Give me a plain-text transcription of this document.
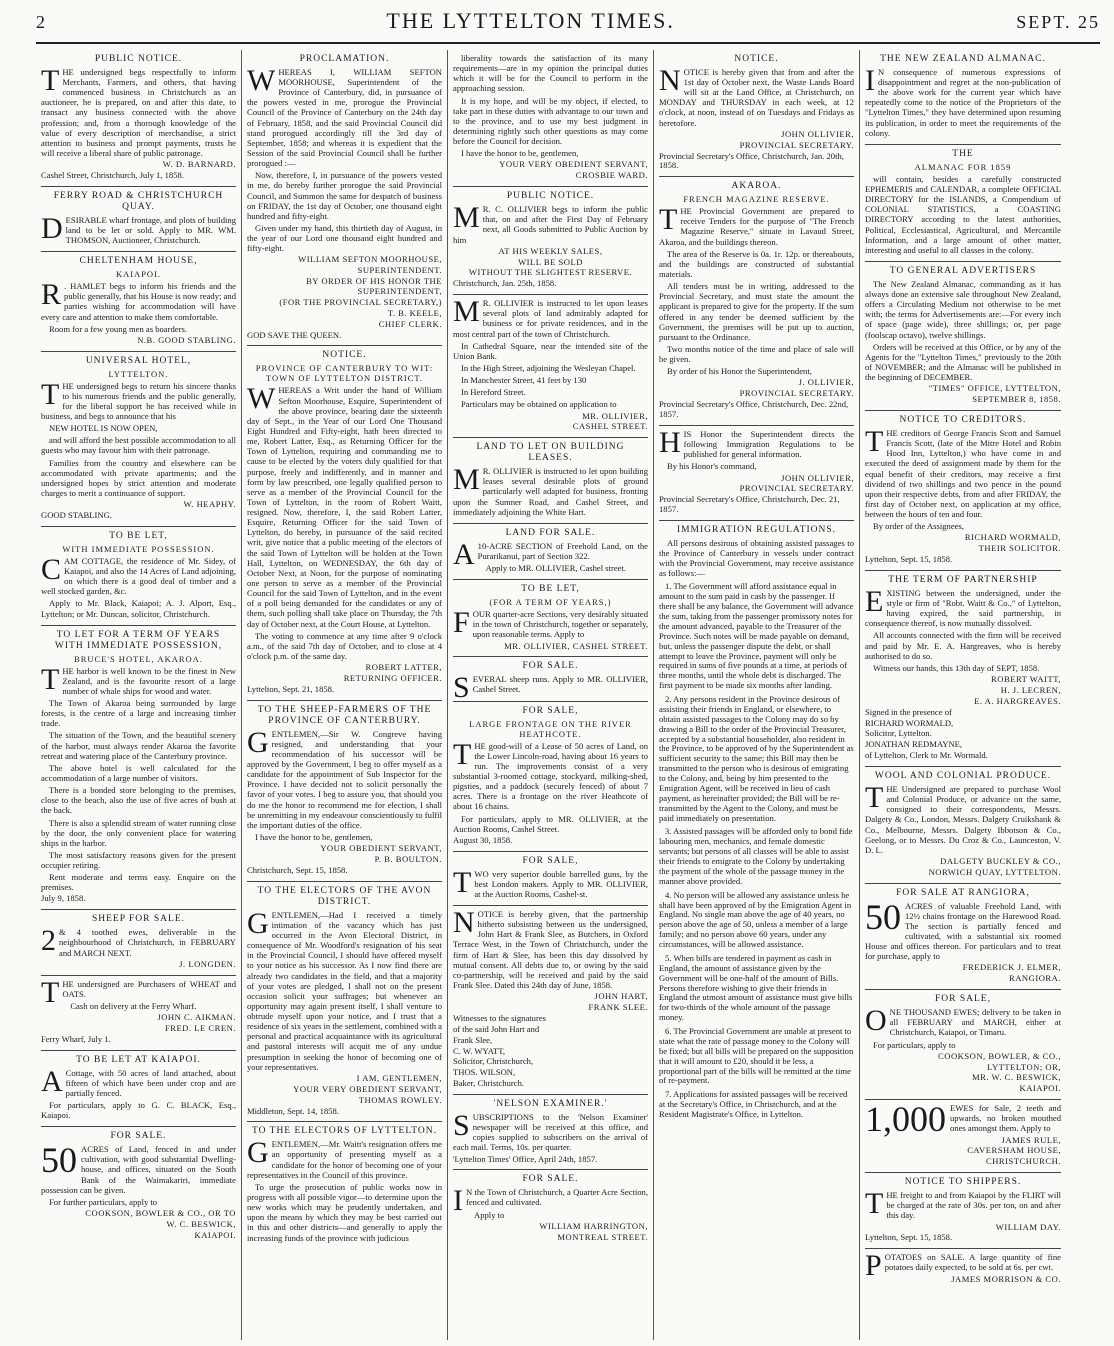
2	THE LYTTELTON TIMES.	SEPT. 25
PUBLIC NOTICE.

THE undersigned begs respectfully to inform Merchants, Farmers, and others, that having commenced business in Christchurch as an auctioneer, he is prepared, on and after this date, to transact any business connected with the above profession; and, from a thorough knowledge of the value of every description of merchandise, a strict attention to business and prompt payments, trusts he will receive a liberal share of public patronage.

W. D. BARNARD.
Cashel Street, Christchurch, July 1, 1858.
FERRY ROAD & CHRISTCHURCH QUAY.

DESIRABLE wharf frontage, and plots of building land to be let or sold. Apply to MR. WM. THOMSON, Auctioneer, Christchurch.

CHELTENHAM HOUSE,
KAIAPOI.

R . HAMLET begs to inform his friends and the public generally, that his House is now ready; and parties wishing for accommodation will have every care and attention to make them comfortable.

Room for a few young men as boarders.

N.B. GOOD STABLING.
UNIVERSAL HOTEL,
LYTTELTON.

THE undersigned begs to return his sincere thanks to his numerous friends and the public generally, for the liberal support he has received while in business, and begs to announce that his

NEW HOTEL IS NOW OPEN,

and will afford the best possible accommodation to all guests who may favour him with their patronage.

Families from the country and elsewhere can be accommodated with private apartments; and the undersigned hopes by strict attention and moderate charges to merit a continuance of support.

W. HEAPHY.
GOOD STABLING.
TO BE LET,
WITH IMMEDIATE POSSESSION.

CAM COTTAGE, the residence of Mr. Sidey, of Kaiapoi, and also the 14 Acres of Land adjoining, on which there is a good deal of timber and a well stocked garden, &c.

Apply to Mr. Black, Kaiapoi; A. J. Alport, Esq., Lyttelton; or Mr. Duncan, solicitor, Christchurch.

TO LET FOR A TERM OF YEARS WITH IMMEDIATE POSSESSION,
BRUCE'S HOTEL, AKAROA.

THE harbor is well known to be the finest in New Zealand, and is the favourite resort of a large number of whale ships for wood and water.

The Town of Akaroa being surrounded by large forests, is the centre of a large and increasing timber trade.

The situation of the Town, and the beautiful scenery of the harbor, must always render Akaroa the favorite retreat and watering place of the Canterbury province.

The above hotel is well calculated for the accommodation of a large number of visitors.

There is a bonded store belonging to the premises, close to the beach, also the use of five acres of bush at the back.

There is also a splendid stream of water running close by the door, the only convenient place for watering ships in the harbor.

The most satisfactory reasons given for the present occupier retiring.

Rent moderate and terms easy. Enquire on the premises.

July 9, 1858.
SHEEP FOR SALE.

2 & 4 toothed ewes, deliverable in the neighbourhood of Christchurch, in FEBRUARY and MARCH NEXT.

J. LONGDEN.

THE undersigned are Purchasers of WHEAT and OATS.

Cash on delivery at the Ferry Wharf.

JOHN C. AIKMAN.
FRED. LE CREN.
Ferry Wharf, July 1.
TO BE LET AT KAIAPOI.

A Cottage, with 50 acres of land attached, about fifteen of which have been under crop and are partially fenced.

For particulars, apply to G. C. BLACK, Esq., Kaiapoi.

FOR SALE.

50 ACRES of Land, fenced in and under cultivation, with good substantial Dwelling-house, and offices, situated on the South Bank of the Waimakariri, immediate possession can be given.

For further particulars, apply to

COOKSON, BOWLER & CO., OR TO
W. C. BESWICK,
KAIAPOI.
PROCLAMATION.

WHEREAS I, WILLIAM SEFTON MOORHOUSE, Superintendent of the Province of Canterbury, did, in pursuance of the powers vested in me, prorogue the Provincial Council of the Province of Canterbury on the 24th day of February, 1858, and the said Provincial Council did stand prorogued accordingly till the 3rd day of September, 1858; and whereas it is expedient that the Session of the said Provincial Council shall be further prorogued :—

Now, therefore, I, in pursuance of the powers vested in me, do hereby further prorogue the said Provincial Council, and Summon the same for despatch of business on FRIDAY, the 1st day of October, one thousand eight hundred and fifty-eight.

Given under my hand, this thirtieth day of August, in the year of our Lord one thousand eight hundred and fifty-eight.

WILLIAM SEFTON MOORHOUSE,
SUPERINTENDENT.
BY ORDER OF HIS HONOR THE SUPERINTENDENT,
(FOR THE PROVINCIAL SECRETARY,)
T. B. KEELE,
CHIEF CLERK.
GOD SAVE THE QUEEN.
NOTICE.
PROVINCE OF CANTERBURY TO WIT: TOWN OF LYTTELTON DISTRICT.

WHEREAS a Writ under the hand of William Sefton Moorhouse, Esquire, Superintendent of the above province, bearing date the sixteenth day of Sept., in the Year of our Lord One Thousand Eight Hundred and Fifty-eight, hath been directed to me, Robert Latter, Esq., as Returning Officer for the Town of Lyttelton, requiring and commanding me to cause to be elected by the voters duly qualified for that purpose, freely and indifferently, and in manner and form by law prescribed, one legally qualified person to serve as a member of the Provincial Council for the Town of Lyttelton, in the room of Robert Waitt, resigned. Now, therefore, I, the said Robert Latter, Esquire, Returning Officer for the said Town of Lyttelton, do hereby, in pursuance of the said recited writ, give notice that a public meeting of the electors of the said Town of Lyttelton will be holden at the Town Hall, Lyttelton, on WEDNESDAY, the 6th day of October Next, at Noon, for the purpose of nominating one person to serve as a member of the Provincial Council for the said Town of Lyttelton, and in the event of a poll being demanded for the candidates or any of them, such polling shall take place on Thursday, the 7th day of October next, at the Court House, at Lyttelton.

The voting to commence at any time after 9 o'clock a.m., of the said 7th day of October, and to close at 4 o'clock p.m. of the same day.

ROBERT LATTER,
RETURNING OFFICER.
Lyttelton, Sept. 21, 1858.
TO THE SHEEP-FARMERS OF THE PROVINCE OF CANTERBURY.

GENTLEMEN,—Sir W. Congreve having resigned, and understanding that your recommendation of his successor will be approved by the Government, I beg to offer myself as a candidate for the appointment of Sub Inspector for the Province. I have decided not to solicit personally the favor of your votes. I beg to assure you, that should you do me the honor to recommend me for election, I shall be unremitting in my endeavour conscientiously to fulfil the important duties of the office.

I have the honor to be, gentlemen,

YOUR OBEDIENT SERVANT,
P. B. BOULTON.
Christchurch, Sept. 15, 1858.
TO THE ELECTORS OF THE AVON DISTRICT.

GENTLEMEN,—Had I received a timely intimation of the vacancy which has just occurred in the Avon Electoral District, in consequence of Mr. Woodford's resignation of his seat in the Provincial Council, I should have offered myself to your notice as his successor. As I now find there are already two candidates in the field, and that a majority of your votes are pledged, I shall not on the present occasion solicit your suffrages; but whenever an opportunity may again present itself, I shall venture to obtrude myself upon your notice, and I trust that a residence of six years in the settlement, combined with a personal and practical acquaintance with its agricultural and pastoral interests will acquit me of any undue presumption in seeking the honor of becoming one of your representatives.

I AM, GENTLEMEN,
YOUR VERY OBEDIENT SERVANT,
THOMAS ROWLEY.
Middleton, Sept. 14, 1858.
TO THE ELECTORS OF LYTTELTON.

GENTLEMEN,—Mr. Waitt's resignation offers me an opportunity of presenting myself as a candidate for the honor of becoming one of your representatives in the Council of this province.

To urge the prosecution of public works now in progress with all possible vigor—to determine upon the new works which may be prudently undertaken, and upon the means by which they may be best carried out in this and other districts—and generally to apply the increasing funds of the province with judicious

liberality towards the satisfaction of its many requirements—are in my opinion the principal duties which it will be for the Council to perform in the approaching session.

It is my hope, and will be my object, if elected, to take part in these duties with advantage to our town and to the province, and to use my best judgment in determining rightly such other questions as may come before the Council for decision.

I have the honor to be, gentlemen,

YOUR VERY OBEDIENT SERVANT,
CROSBIE WARD.
PUBLIC NOTICE.

M R. C. OLLIVIER begs to inform the public that, on and after the First Day of February next, all Goods submitted to Public Auction by him

AT HIS WEEKLY SALES,
WILL BE SOLD
WITHOUT THE SLIGHTEST RESERVE.
Christchurch, Jan. 25th, 1858.

M R. OLLIVIER is instructed to let upon leases several plots of land admirably adapted for business or for private residences, and in the most central part of the town of Christchurch.

In Cathedral Square, near the intended site of the Union Bank.

In the High Street, adjoining the Wesleyan Chapel.

In Manchester Street, 41 feet by 130

In Hereford Street.

Particulars may be obtained on application to

MR. OLLIVIER,
CASHEL STREET.
LAND TO LET ON BUILDING LEASES.

M R. OLLIVIER is instructed to let upon building leases several desirable plots of ground particularly well adapted for business, fronting upon the Sumner Road, and Cashel Street, and immediately adjoining the White Hart.

LAND FOR SALE.

A 10-ACRE SECTION of Freehold Land, on the Purarikanui, part of Section 322.

Apply to MR. OLLIVIER, Cashel street.

TO BE LET,
(FOR A TERM OF YEARS,)

FOUR quarter-acre Sections, very desirably situated in the town of Christchurch, together or separately, upon reasonable terms. Apply to

MR. OLLIVIER, CASHEL STREET.
FOR SALE.

SEVERAL sheep runs. Apply to MR. OLLIVIER, Cashel Street.

FOR SALE,
LARGE FRONTAGE ON THE RIVER HEATHCOTE.

THE good-will of a Lease of 50 acres of Land, on the Lower Lincoln-road, having about 16 years to run. The improvements consist of a very substantial 3-roomed cottage, stockyard, milking-shed, pigsties, and a paddock (securely fenced) of about 7 acres. There is a frontage on the river Heathcote of about 16 chains.

For particulars, apply to MR. OLLIVIER, at the Auction Rooms, Cashel Street.

August 30, 1858.
FOR SALE,

TWO very superior double barrelled guns, by the best London makers. Apply to MR. OLLIVIER, at the Auction Rooms, Cashel-st.

NOTICE is hereby given, that the partnership hitherto subsisting between us the undersigned, John Hart & Frank Slee, as Butchers, in Oxford Terrace West, in the Town of Christchurch, under the firm of Hart & Slee, has been this day dissolved by mutual consent. All debts due to, or owing by the said co-partnership, will be received and paid by the said Frank Slee. Dated this 24th day of June, 1858.

JOHN HART,
FRANK SLEE.
Witnesses to the signatures
of the said John Hart and
Frank Slee,
C. W. WYATT,
Solicitor, Christchurch,
THOS. WILSON,
Baker, Christchurch.
'NELSON EXAMINER.'

SUBSCRIPTIONS to the 'Nelson Examiner' newspaper will be received at this office, and copies supplied to subscribers on the arrival of each mail. Terms, 10s. per quarter.

'Lyttelton Times' Office, April 24th, 1857.
FOR SALE.

I N the Town of Christchurch, a Quarter Acre Section, fenced and cultivated.

Apply to

WILLIAM HARRINGTON,
MONTREAL STREET.
NOTICE.

NOTICE is hereby given that from and after the 1st day of October next, the Waste Lands Board will sit at the Land Office, at Christchurch, on MONDAY and THURSDAY in each week, at 12 o'clock, at noon, instead of on Tuesdays and Fridays as heretofore.

JOHN OLLIVIER,
PROVINCIAL SECRETARY.
Provincial Secretary's Office, Christchurch, Jan. 20th, 1858.
AKAROA.
FRENCH MAGAZINE RESERVE.

THE Provincial Government are prepared to receive Tenders for the purpose of "The French Magazine Reserve," situate in Lavaud Street, Akaroa, and the buildings thereon.

The area of the Reserve is 0a. 1r. 12p. or thereabouts, and the buildings are constructed of substantial materials.

All tenders must be in writing, addressed to the Provincial Secretary, and must state the amount the applicant is prepared to give for the property. If the sum offered in any tender be deemed sufficient by the Government, the premises will be put up to auction, pursuant to the Ordinance.

Two months notice of the time and place of sale will be given.

By order of his Honor the Superintendent,

J. OLLIVIER,
PROVINCIAL SECRETARY.
Provincial Secretary's Office, Christchurch, Dec. 22nd, 1857.

HIS Honor the Superintendent directs the following Immigration Regulations to be published for general information.

By his Honor's command,

JOHN OLLIVIER,
PROVINCIAL SECRETARY.
Provincial Secretary's Office, Christchurch, Dec. 21, 1857.
IMMIGRATION REGULATIONS.

All persons desirous of obtaining assisted passages to the Province of Canterbury in vessels under contract with the Provincial Government, may receive assistance as follows:—

1. The Government will afford assistance equal in amount to the sum paid in cash by the passenger. If there shall be any balance, the Government will advance the sum, taking from the passenger promissory notes for the amount advanced, payable to the Treasurer of the Province. Such notes will be made payable on demand, but, unless the passenger dispute the debt, or shall attempt to leave the Province, payment will only be required in sums of five pounds at a time, at periods of three months, until the whole debt is discharged. The first payment to be made six months after landing.
2. Any persons resident in the Province desirous of assisting their friends in England, or elsewhere, to obtain assisted passages to the Colony may do so by drawing a Bill to the order of the Provincial Treasurer, accepted by a substantial householder, also resident in the Province, to be approved of by the Superintendent as sufficient security to the same; this Bill may then be transmitted to the person who is desirous of emigrating to the Colony, and, being by him presented to the Emigration Agent, will be received in lieu of cash payment, as hereinafter provided; the Bill will be re-transmitted by the Agent to the Colony, and must be paid immediately on presentation.
3. Assisted passages will be afforded only to bond fide labouring men, mechanics, and female domestic servants; but persons of all classes will be able to assist their friends to emigrate to the Colony by undertaking the payment of the whole of the passage money in the manner above provided.
4. No person will be allowed any assistance unless he shall have been approved of by the Emigration Agent in England. No single man above the age of 40 years, no person above the age of 50, unless a member of a large family; and no person above 60 years, under any circumstances, will be allowed assistance.
5. When bills are tendered in payment as cash in England, the amount of assistance given by the Government will be one-half of the amount of Bills. Persons therefore wishing to give their friends in England the utmost amount of assistance must give bills for two-thirds of the whole amount of the passage money.
6. The Provincial Government are unable at present to state what the rate of passage money to the Colony will be fixed; but all bills will be prepared on the supposition that it will amount to £20, should it be less, a proportional part of the bills will be remitted at the time of re-payment.
7. Applications for assisted passages will be received at the Secretary's Office, in Christchurch, and at the Resident Magistrate's Office, in Lyttelton.
THE NEW ZEALAND ALMANAC.

I N consequence of numerous expressions of disappointment and regret at the non-publication of the above work for the current year which have repeatedly come to the notice of the Proprietors of the "Lyttelton Times," they have determined upon resuming its publication, in order to meet the requirements of the colony.

THE
ALMANAC FOR 1859

will contain, besides a carefully constructed EPHEMERIS and CALENDAR, a complete OFFICIAL DIRECTORY for the ISLANDS, a Compendium of COLONIAL STATISTICS, a COASTING DIRECTORY according to the latest authorities, Political, Ecclesiastical, Agricultural, and Mercantile Information, and a large amount of other matter, interesting and useful to all classes in the colony.

TO GENERAL ADVERTISERS

The New Zealand Almanac, commanding as it has always done an extensive sale throughout New Zealand, offers a Circulating Medium not otherwise to be met with; the terms for Advertisements are:—For every inch of space (page wide), three shillings; or, per page (foolscap octavo), twelve shillings.

Orders will be received at this Office, or by any of the Agents for the "Lyttelton Times," previously to the 20th of NOVEMBER; and the Almanac will be published in the beginning of DECEMBER.

"TIMES" OFFICE, LYTTELTON,
SEPTEMBER 8, 1858.
NOTICE TO CREDITORS.

THE creditors of George Francis Scott and Samuel Francis Scott, (late of the Mitre Hotel and Robin Hood Inn, Lyttelton,) who have come in and executed the deed of assignment made by them for the equal benefit of their creditors, may receive a first dividend of two shillings and two pence in the pound upon their respective debts, from and after FRIDAY, the first day of October next, on application at my office, between the hours of ten and four.

By order of the Assignees,

RICHARD WORMALD,
THEIR SOLICITOR.
Lyttelton, Sept. 15, 1858.
THE TERM OF PARTNERSHIP

EXISTING between the undersigned, under the style or firm of "Robt. Waitt & Co.," of Lyttelton, having expired, the said partnership, in consequence thereof, is now mutually dissolved.

All accounts connected with the firm will be received and paid by Mr. E. A. Hargreaves, who is hereby authorised to do so.

Witness our hands, this 13th day of SEPT, 1858.

ROBERT WAITT,
H. J. LECREN,
E. A. HARGREAVES.
Signed in the presence of
RICHARD WORMALD,
Solicitor, Lyttelton.
JONATHAN REDMAYNE,
of Lyttelton, Clerk to Mr. Wormald.
WOOL AND COLONIAL PRODUCE.

THE Undersigned are prepared to purchase Wool and Colonial Produce, or advance on the same, consigned to their correspondents, Messrs. Dalgety & Co., London, Messrs. Dalgety Cruikshank & Co., Melbourne, Messrs. Dalgety Ibbotson & Co., Geelong, or to Messrs. Du Croz & Co., Launceston, V. D. L.

DALGETY BUCKLEY & CO.,
NORWICH QUAY, LYTTELTON.
FOR SALE AT RANGIORA,

50 ACRES of valuable Freehold Land, with 12½ chains frontage on the Harewood Road. The section is partially fenced and cultivated, with a substantial six roomed House and offices thereon. For particulars and to treat for purchase, apply to

FREDERICK J. ELMER,
RANGIORA.
FOR SALE,

ONE THOUSAND EWES; delivery to be taken in all FEBRUARY and MARCH, either at Christchurch, Kaiapoi, or Timaru.

For particulars, apply to

COOKSON, BOWLER, & CO.,
LYTTELTON; OR,
MR. W. C. BESWICK,
KAIAPOI.

1,000 EWES for Sale, 2 teeth and upwards, no broken mouthed ones amongst them. Apply to

JAMES RULE,
CAVERSHAM HOUSE,
CHRISTCHURCH.
NOTICE TO SHIPPERS.

THE freight to and from Kaiapoi by the FLIRT will be charged at the rate of 30s. per ton, on and after this day.

WILLIAM DAY.
Lyttelton, Sept. 15, 1858.

POTATOES on SALE. A large quantity of fine potatoes daily expected, to be sold at 6s. per cwt.

JAMES MORRISON & CO.
